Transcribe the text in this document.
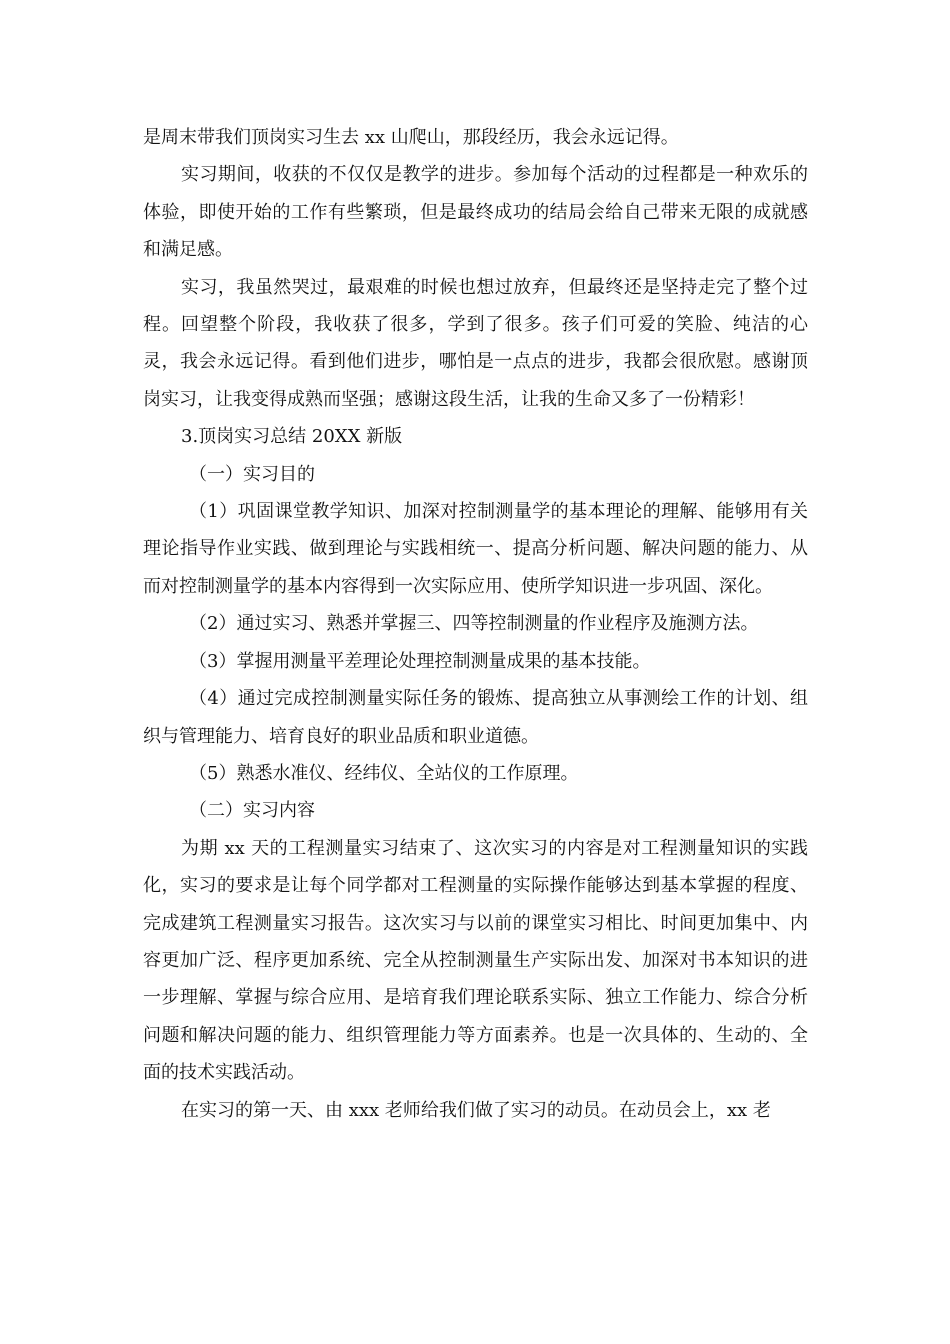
是周末带我们顶岗实习生去 xx 山爬山，那段经历，我会永远记得。

实习期间，收获的不仅仅是教学的进步。参加每个活动的过程都是一种欢乐的体验，即使开始的工作有些繁琐，但是最终成功的结局会给自己带来无限的成就感和满足感。

实习，我虽然哭过，最艰难的时候也想过放弃，但最终还是坚持走完了整个过程。回望整个阶段，我收获了很多，学到了很多。孩子们可爱的笑脸、纯洁的心灵，我会永远记得。看到他们进步，哪怕是一点点的进步，我都会很欣慰。感谢顶岗实习，让我变得成熟而坚强；感谢这段生活，让我的生命又多了一份精彩！

3.顶岗实习总结 20XX 新版

（一）实习目的

（1）巩固课堂教学知识、加深对控制测量学的基本理论的理解、能够用有关理论指导作业实践、做到理论与实践相统一、提高分析问题、解决问题的能力、从而对控制测量学的基本内容得到一次实际应用、使所学知识进一步巩固、深化。

（2）通过实习、熟悉并掌握三、四等控制测量的作业程序及施测方法。

（3）掌握用测量平差理论处理控制测量成果的基本技能。

（4）通过完成控制测量实际任务的锻炼、提高独立从事测绘工作的计划、组织与管理能力、培育良好的职业品质和职业道德。

（5）熟悉水准仪、经纬仪、全站仪的工作原理。

（二）实习内容

为期 xx 天的工程测量实习结束了、这次实习的内容是对工程测量知识的实践化，实习的要求是让每个同学都对工程测量的实际操作能够达到基本掌握的程度、完成建筑工程测量实习报告。这次实习与以前的课堂实习相比、时间更加集中、内容更加广泛、程序更加系统、完全从控制测量生产实际出发、加深对书本知识的进一步理解、掌握与综合应用、是培育我们理论联系实际、独立工作能力、综合分析问题和解决问题的能力、组织管理能力等方面素养。也是一次具体的、生动的、全面的技术实践活动。

在实习的第一天、由 xxx 老师给我们做了实习的动员。在动员会上，xx 老
